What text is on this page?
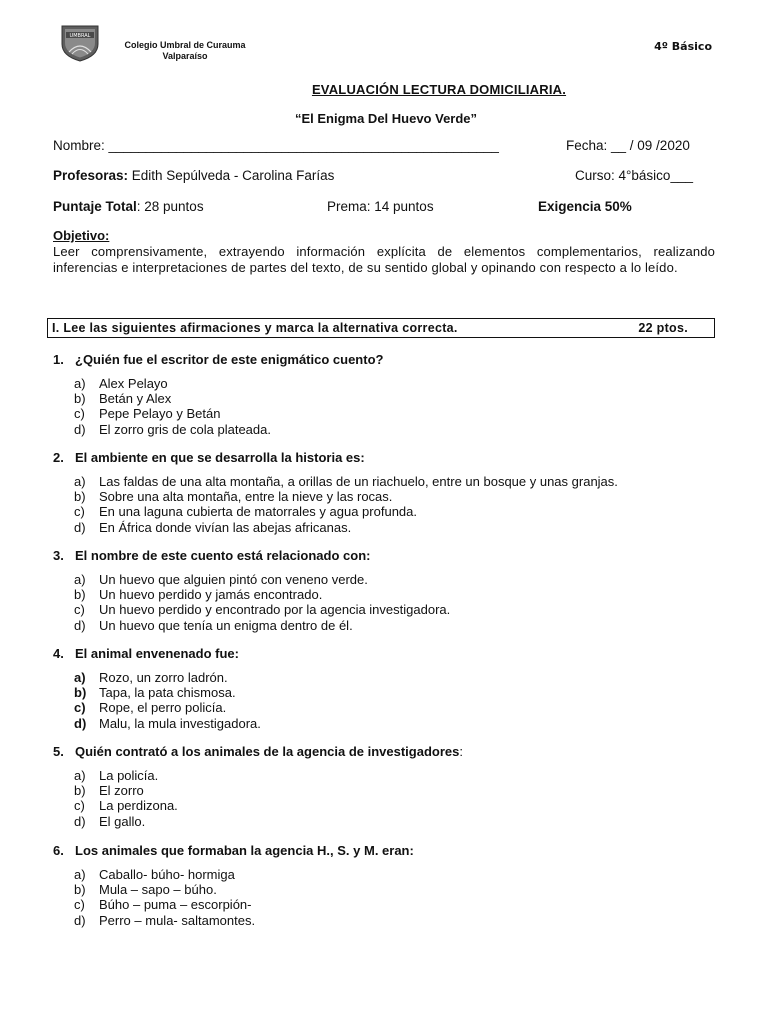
UMBRAL
Colegio Umbral de Curauma
Valparaíso
4º Básico
EVALUACIÓN LECTURA DOMICILIARIA.
“El Enigma Del Huevo Verde”
Nombre: ____________________________________________________	Fecha: __ / 09 /2020
Profesoras: Edith Sepúlveda - Carolina Farías	Curso: 4°básico___
Puntaje Total: 28 puntos	Prema: 14 puntos	Exigencia 50%
Objetivo:
Leer comprensivamente, extrayendo información explícita de elementos complementarios, realizando inferencias e interpretaciones de partes del texto, de su sentido global y opinando con respecto a lo leído.
I. Lee las siguientes afirmaciones y marca la alternativa correcta.	22 ptos.
1. ¿Quién fue el escritor de este enigmático cuento?
a)	Alex Pelayo
b)	Betán y Alex
c)	Pepe Pelayo y Betán
d)	El zorro gris de cola plateada.
2. El ambiente en que se desarrolla la historia es:
a)	Las faldas de una alta montaña, a orillas de un riachuelo, entre un bosque y unas granjas.
b)	Sobre una alta montaña, entre la nieve y las rocas.
c)	En una laguna cubierta de matorrales y agua profunda.
d)	En África donde vivían las abejas africanas.
3. El nombre de este cuento está relacionado con:
a)	Un huevo que alguien pintó con veneno verde.
b)	Un huevo perdido y jamás encontrado.
c)	Un huevo perdido y encontrado por la agencia investigadora.
d)	Un huevo que tenía un enigma dentro de él.
4. El animal envenenado fue:
a)	Rozo, un zorro ladrón.
b) Tapa, la pata chismosa.
c)	Rope, el perro policía.
d) Malu, la mula investigadora.
5. Quién contrató a los animales de la agencia de investigadores :
a)	La policía.
b)	El zorro
c)	La perdizona.
d)	El gallo.
6. Los animales que formaban la agencia H., S. y M. eran:
a)	Caballo- búho- hormiga
b)	Mula – sapo – búho.
c)	Búho – puma – escorpión-
d)	Perro – mula- saltamontes.
